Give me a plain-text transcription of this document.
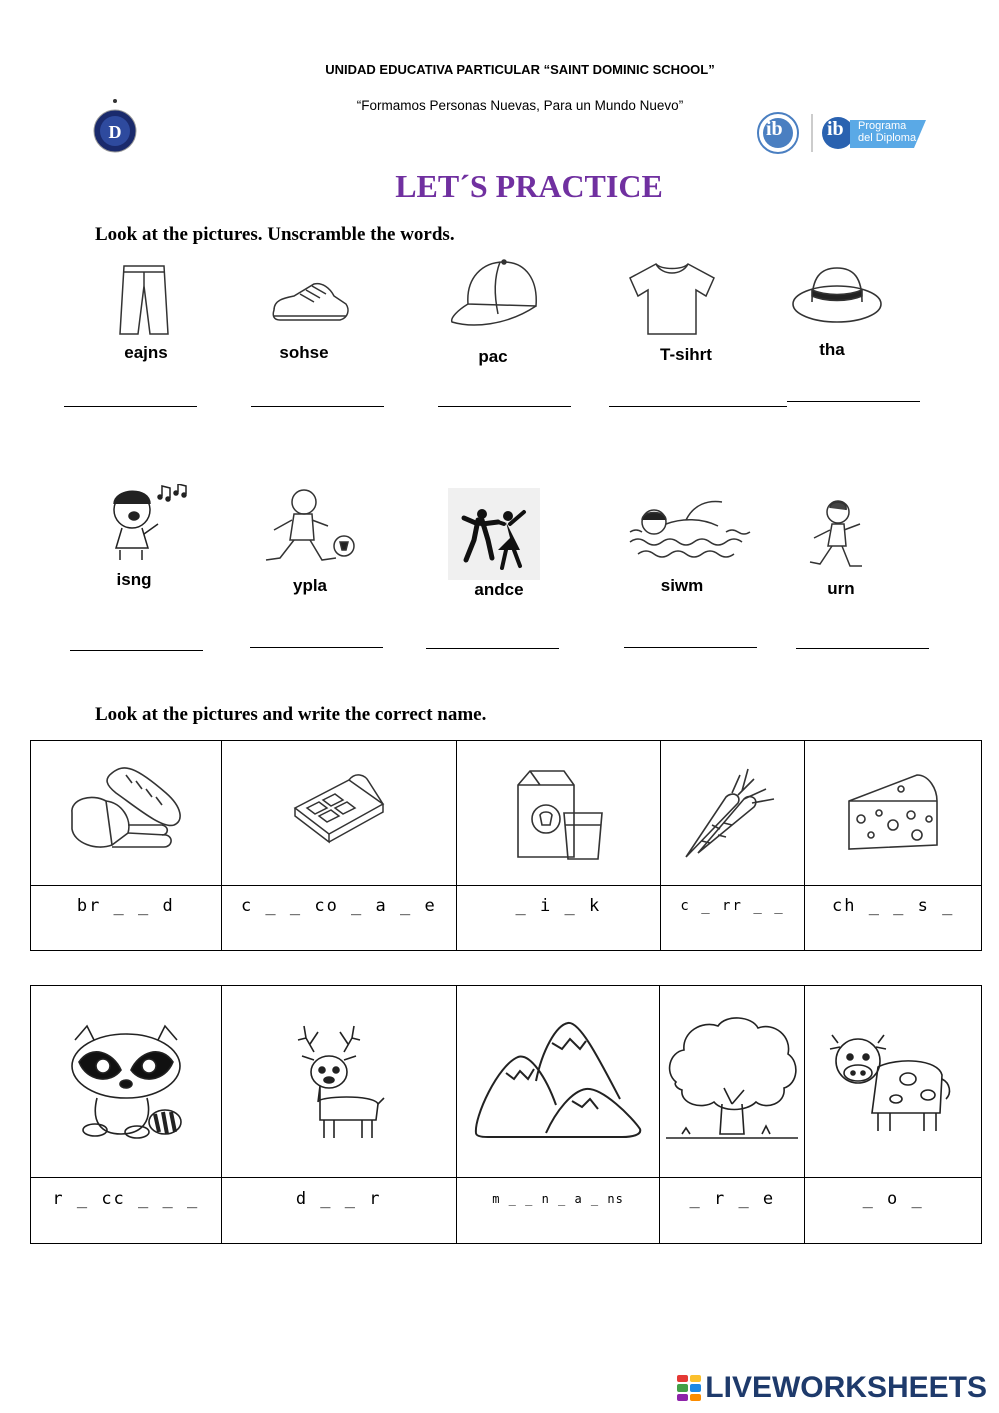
UNIDAD EDUCATIVA PARTICULAR “SAINT DOMINIC SCHOOL”
“Formamos Personas Nuevas, Para un Mundo Nuevo”
D	ib ib Programa
del Diploma
LET´S PRACTICE
Look at the pictures. Unscramble the words.
eajns	sohse	pac	T-sihrt	tha
isng	ypla	andce	siwm	urn
Look at the pictures and write the correct name.

br _ _ d	c _ _ co _ a _ e	_ i _ k	c _ rr _ _	ch _ _ s _

r _ cc _ _ _	d _ _ r	m _ _ n _ a _ ns	_ r _ e	_ o _

LIVEWORKSHEETS
